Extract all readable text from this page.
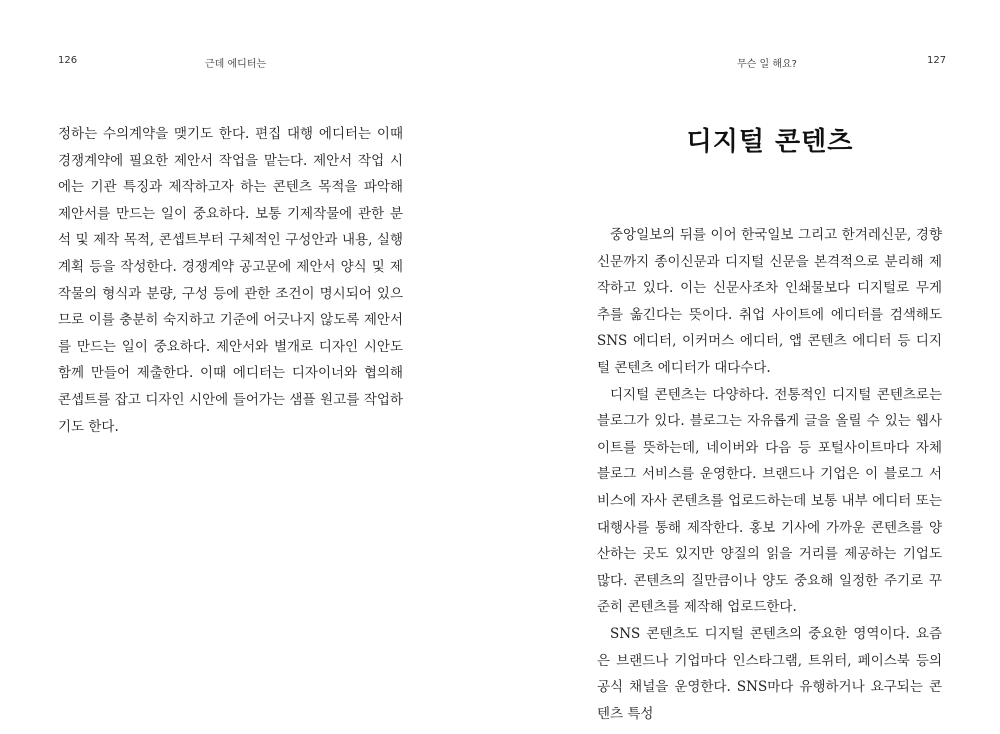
126	근데 에디터는

정하는 수의계약을 맺기도 한다. 편집 대행 에디터는 이때 경쟁계약에 필요한 제안서 작업을 맡는다. 제안서 작업 시에는 기관 특징과 제작하고자 하는 콘텐츠 목적을 파악해 제안서를 만드는 일이 중요하다. 보통 기제작물에 관한 분석 및 제작 목적, 콘셉트부터 구체적인 구성안과 내용, 실행 계획 등을 작성한다. 경쟁계약 공고문에 제안서 양식 및 제작물의 형식과 분량, 구성 등에 관한 조건이 명시되어 있으므로 이를 충분히 숙지하고 기준에 어긋나지 않도록 제안서를 만드는 일이 중요하다. 제안서와 별개로 디자인 시안도 함께 만들어 제출한다. 이때 에디터는 디자이너와 협의해 콘셉트를 잡고 디자인 시안에 들어가는 샘플 원고를 작업하기도 한다.

무슨 일 해요?	127
디지털 콘텐츠

중앙일보의 뒤를 이어 한국일보 그리고 한겨레신문, 경향신문까지 종이신문과 디지털 신문을 본격적으로 분리해 제작하고 있다. 이는 신문사조차 인쇄물보다 디지털로 무게 추를 옮긴다는 뜻이다. 취업 사이트에 에디터를 검색해도 SNS 에디터, 이커머스 에디터, 앱 콘텐츠 에디터 등 디지털 콘텐츠 에디터가 대다수다.

디지털 콘텐츠는 다양하다. 전통적인 디지털 콘텐츠로는 블로그가 있다. 블로그는 자유롭게 글을 올릴 수 있는 웹사이트를 뜻하는데, 네이버와 다음 등 포털사이트마다 자체 블로그 서비스를 운영한다. 브랜드나 기업은 이 블로그 서비스에 자사 콘텐츠를 업로드하는데 보통 내부 에디터 또는 대행사를 통해 제작한다. 홍보 기사에 가까운 콘텐츠를 양산하는 곳도 있지만 양질의 읽을 거리를 제공하는 기업도 많다. 콘텐츠의 질만큼이나 양도 중요해 일정한 주기로 꾸준히 콘텐츠를 제작해 업로드한다.

SNS 콘텐츠도 디지털 콘텐츠의 중요한 영역이다. 요즘은 브랜드나 기업마다 인스타그램, 트위터, 페이스북 등의 공식 채널을 운영한다. SNS마다 유행하거나 요구되는 콘텐츠 특성
